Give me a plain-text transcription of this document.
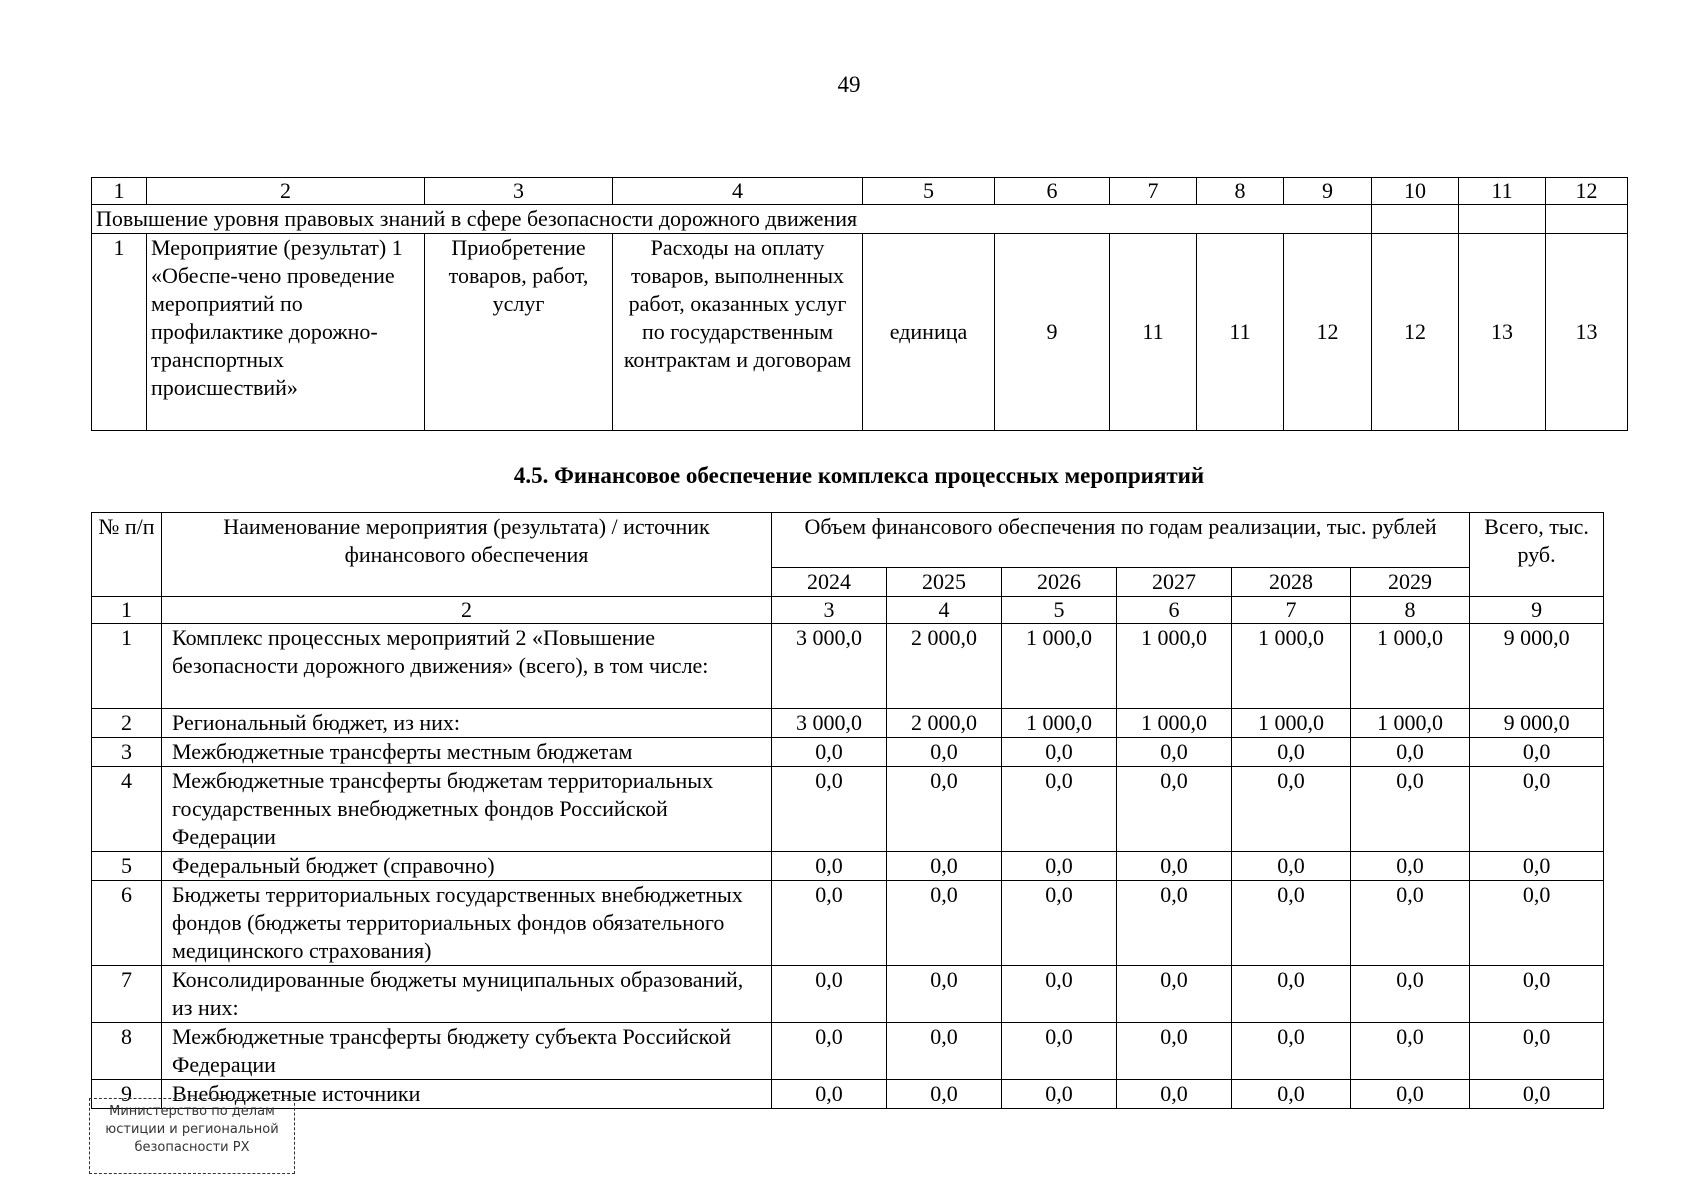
49
1	2	3	4	5	6	7	8	9	10	11	12
Повышение уровня правовых знаний в сфере безопасности дорожного движения											
1	Мероприятие (результат) 1 «Обеспе-чено проведение мероприятий по профилактике дорожно-транспортных происшествий»	Приобретение товаров, работ, услуг	Расходы на оплату товаров, выполненных работ, оказанных услуг по государственным контрактам и договорам	единица	9	11	11	12	12	13	13
4.5. Финансовое обеспечение комплекса процессных мероприятий
№ п/п	Наименование мероприятия (результата) / источник финансового обеспечения	Объем финансового обеспечения по годам реализации, тыс. рублей						Всего, тыс. руб.
		2024	2025	2026	2027	2028	2029	
1	2	3	4	5	6	7	8	9
1	Комплекс процессных мероприятий 2 «Повышение безопасности дорожного движения» (всего), в том числе:	3 000,0	2 000,0	1 000,0	1 000,0	1 000,0	1 000,0	9 000,0
2	Региональный бюджет, из них:	3 000,0	2 000,0	1 000,0	1 000,0	1 000,0	1 000,0	9 000,0
3	Межбюджетные трансферты местным бюджетам	0,0	0,0	0,0	0,0	0,0	0,0	0,0
4	Межбюджетные трансферты бюджетам территориальных государственных внебюджетных фондов Российской Федерации	0,0	0,0	0,0	0,0	0,0	0,0	0,0
5	Федеральный бюджет (справочно)	0,0	0,0	0,0	0,0	0,0	0,0	0,0
6	Бюджеты территориальных государственных внебюджетных фондов (бюджеты территориальных фондов обязательного медицинского страхования)	0,0	0,0	0,0	0,0	0,0	0,0	0,0
7	Консолидированные бюджеты муниципальных образований, из них:	0,0	0,0	0,0	0,0	0,0	0,0	0,0
8	Межбюджетные трансферты бюджету субъекта Российской Федерации	0,0	0,0	0,0	0,0	0,0	0,0	0,0
9	Внебюджетные источники	0,0	0,0	0,0	0,0	0,0	0,0	0,0
Министерство по делам
юстиции и региональной
безопасности РХ
